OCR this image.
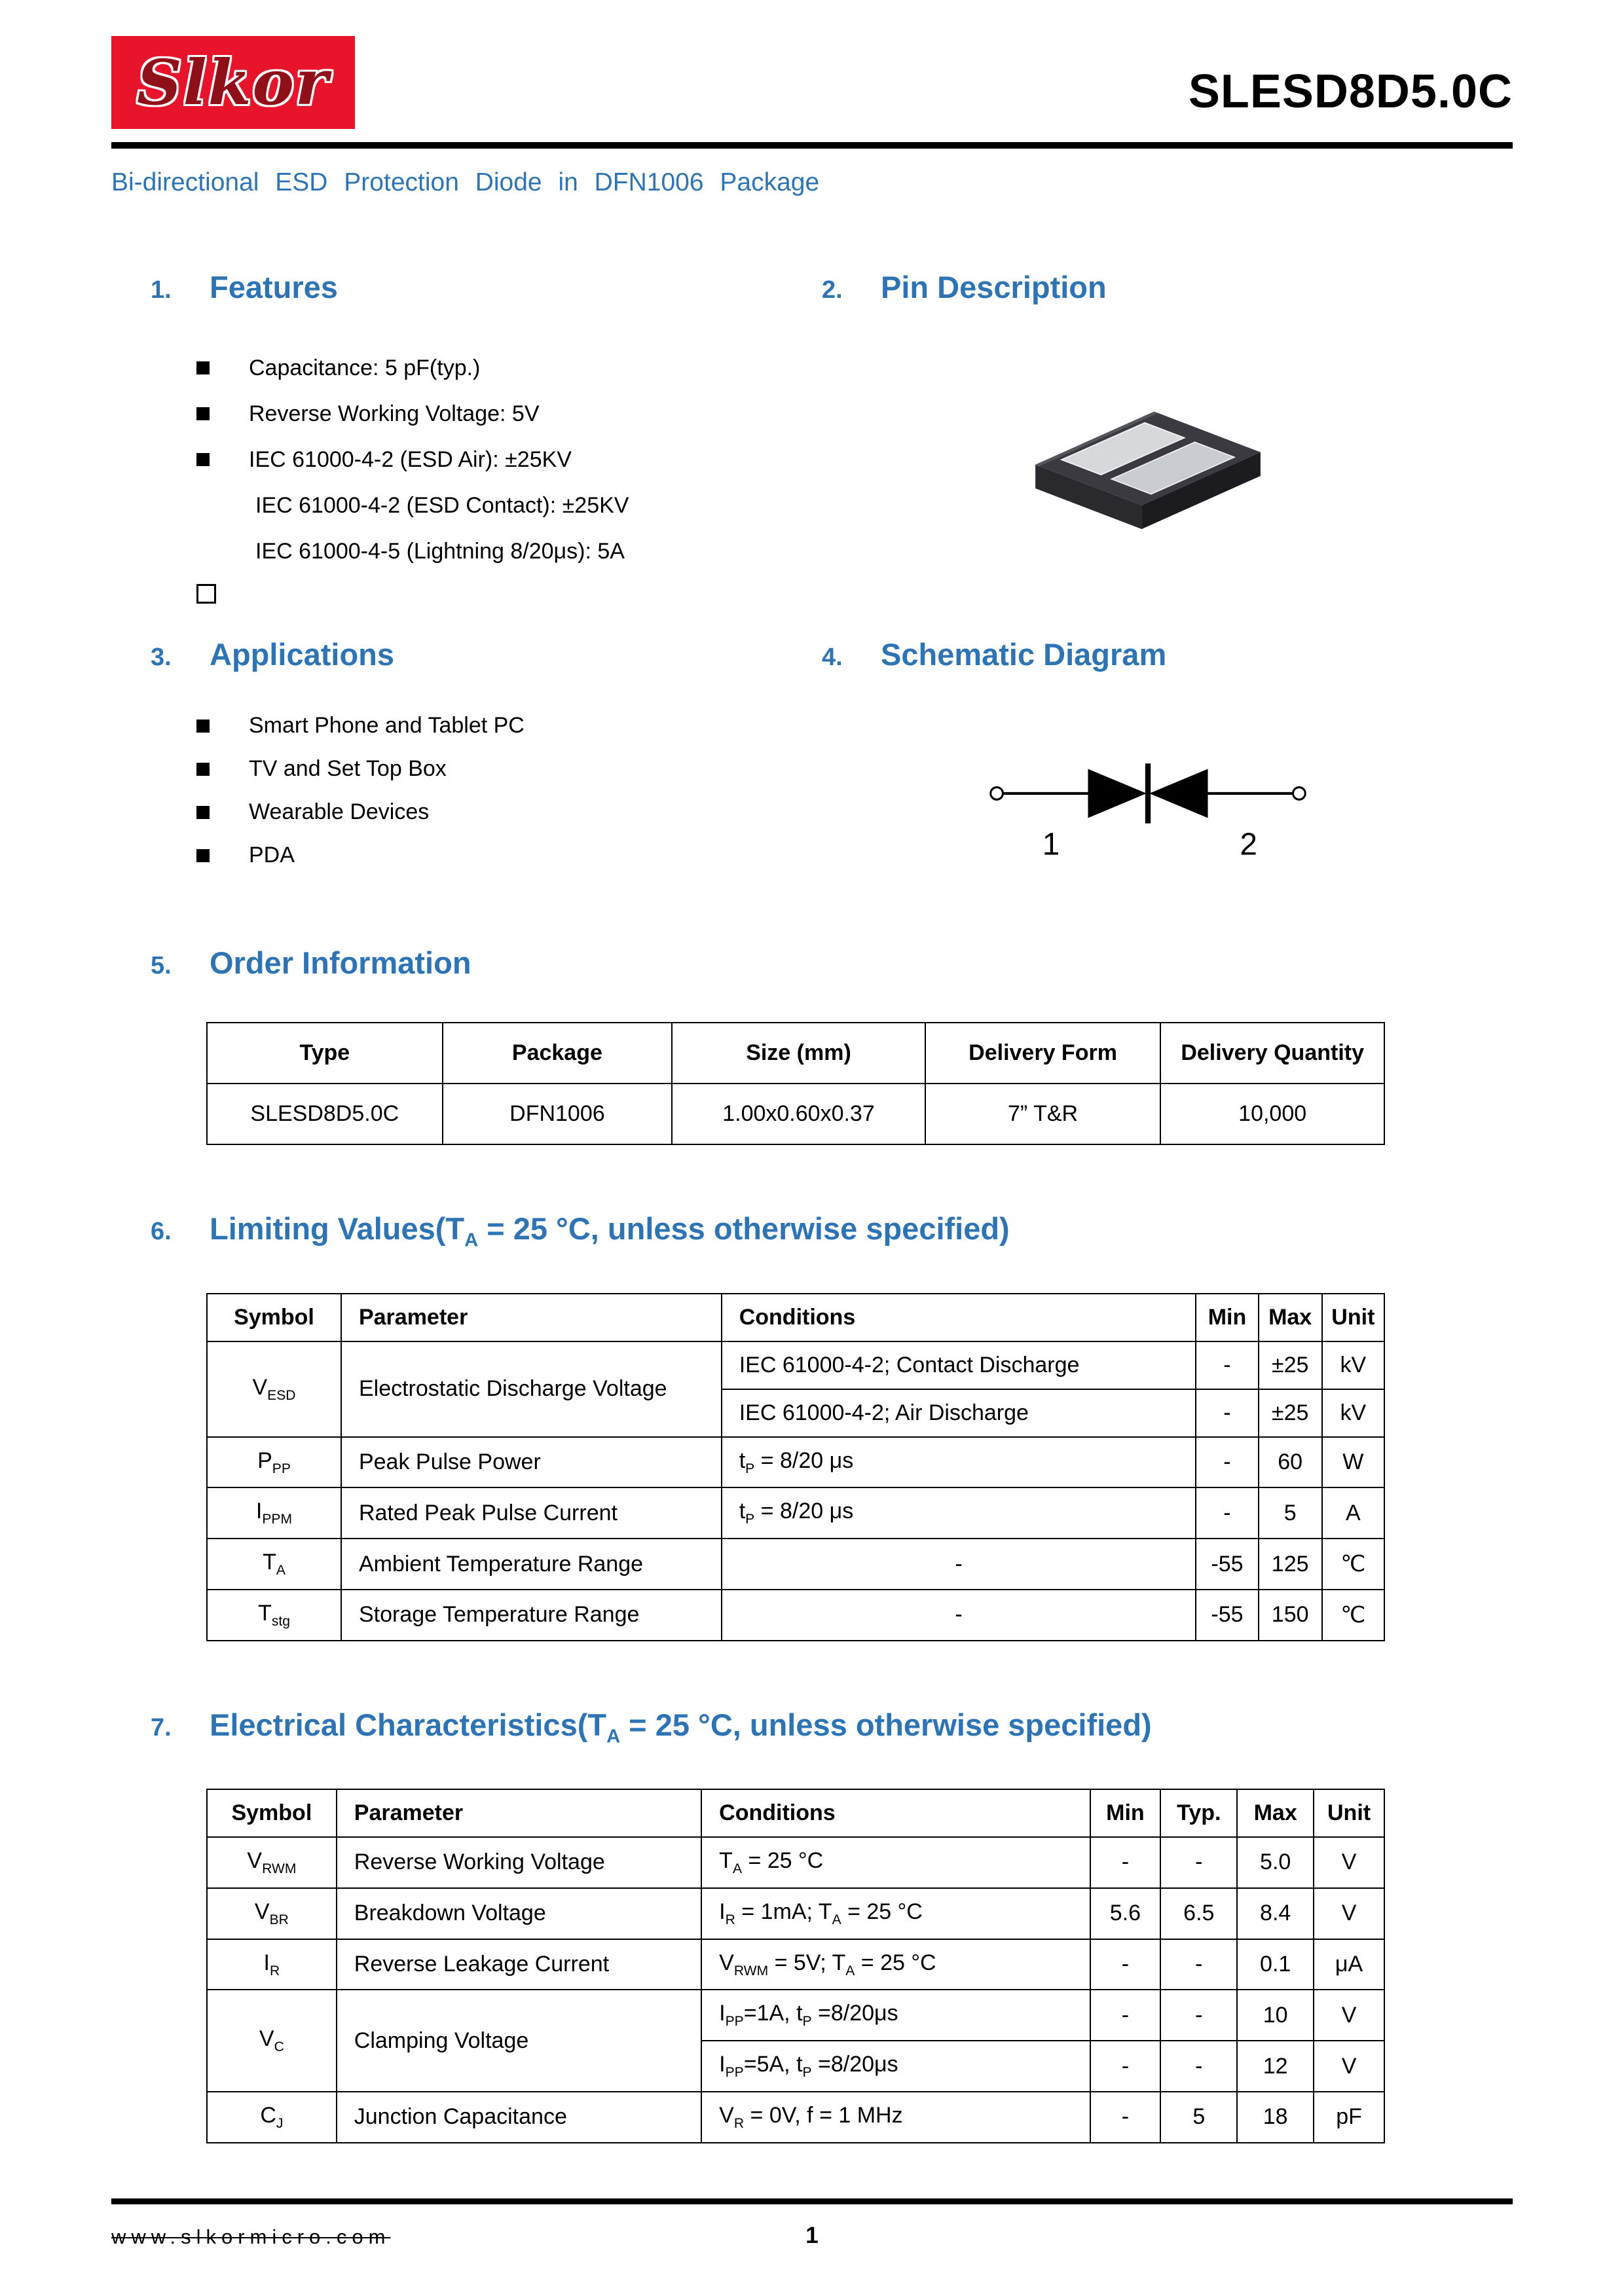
Slkor	SLESD8D5.0C
Bi-directional ESD Protection Diode in DFN1006 Package
1.	Features
Capacitance: 5 pF(typ.)
Reverse Working Voltage: 5V
IEC 61000-4-2 (ESD Air): ±25KV
IEC 61000-4-2 (ESD Contact): ±25KV
IEC 61000-4-5 (Lightning 8/20μs): 5A
2.	Pin Description
3.	Applications
Smart Phone and Tablet PC
TV and Set Top Box
Wearable Devices
PDA
4.	Schematic Diagram
1	2
5.	Order Information
Type	Package	Size (mm)	Delivery Form	Delivery Quantity
SLESD8D5.0C	DFN1006	1.00x0.60x0.37	7” T&R	10,000
6.	Limiting $Values(T_A = 25$ °C, unless otherwise specified)
Symbol	Parameter	Conditions	Min	Max	Unit
$V_{ESD}$	Electrostatic Discharge Voltage	IEC 61000-4-2; Contact Discharge	-	±25	kV
		IEC 61000-4-2; Air Discharge	-	±25	kV
$P_{PP}$	Peak Pulse Power	$t_P = 8/20$ μs	-	60	W
$I_{PPM}$	Rated Peak Pulse Current	$t_P = 8/20$ μs	-	5	A
$T_A$	Ambient Temperature Range	-	-55	125	℃
$T_{stg}$	Storage Temperature Range	-	-55	150	℃
7.	Electrical $Characteristics(T_A = 25$ °C, unless otherwise specified)
Symbol	Parameter	Conditions	Min	Typ.	Max	Unit
$V_{RWM}$	Reverse Working Voltage	$T_A = 25$ °C	-	-	5.0	V
$V_{BR}$	Breakdown Voltage	$I_R = 1mA$; $T_A = 25$ °C	5.6	6.5	8.4	V
$I_R$	Reverse Leakage Current	$V_{RWM} = 5V$; $T_A = 25$ °C	-	-	0.1	μA
$V_C$	Clamping Voltage	$I_{PP}=1A$, $t_P =8/20\mu s$	-	-	10	V
		$I_{PP}=5A$, $t_P =8/20\mu s$	-	-	12	V
$C_J$	Junction Capacitance	$V_R = 0V$, f = 1 MHz	-	5	18	pF
www.slkormicro.com	1
